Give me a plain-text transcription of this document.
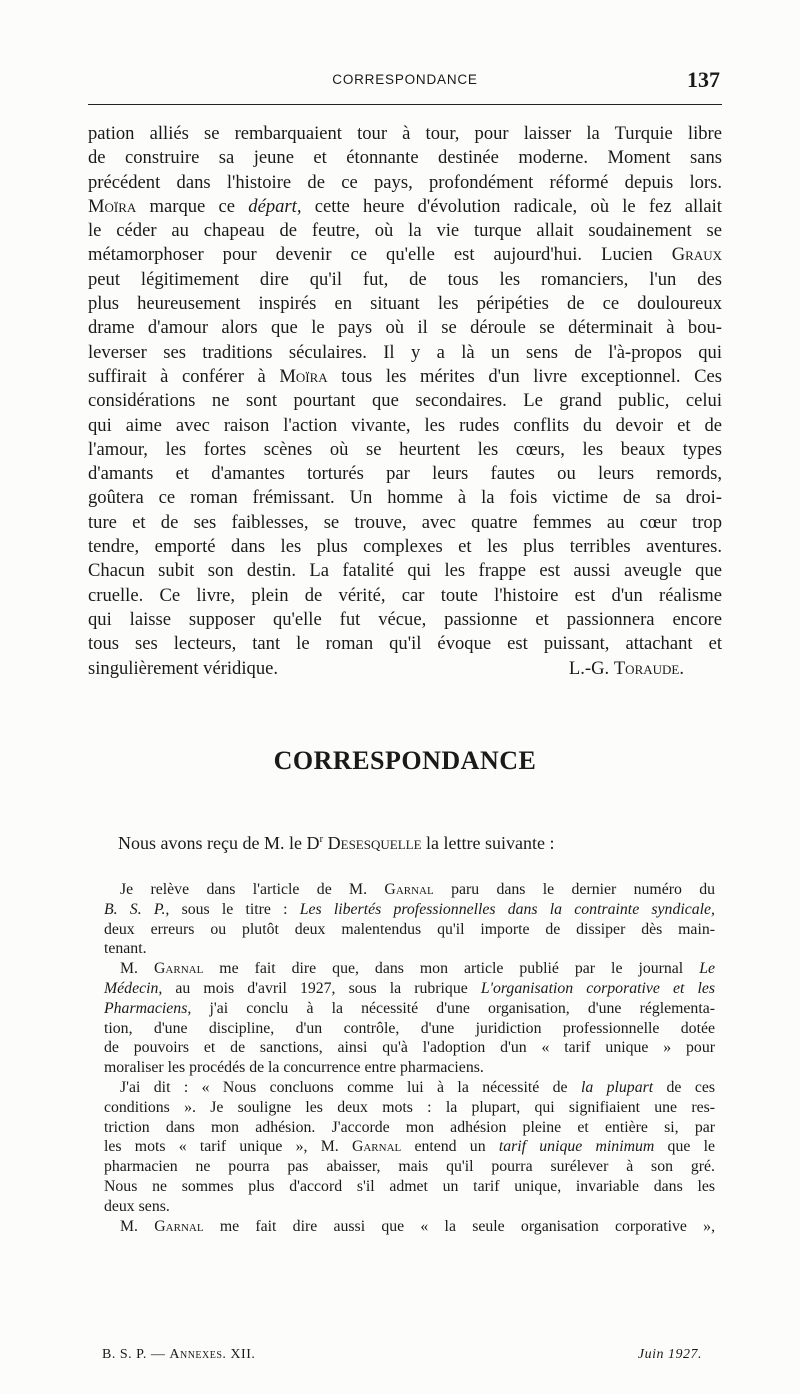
CORRESPONDANCE	137
pation alliés se rembarquaient tour à tour, pour laisser la Turquie libre
de construire sa jeune et étonnante destinée moderne. Moment sans
précédent dans l'histoire de ce pays, profondément réformé depuis lors.
Moïra marque ce départ, cette heure d'évolution radicale, où le fez allait
le céder au chapeau de feutre, où la vie turque allait soudainement se
métamorphoser pour devenir ce qu'elle est aujourd'hui. Lucien Graux
peut légitimement dire qu'il fut, de tous les romanciers, l'un des
plus heureusement inspirés en situant les péripéties de ce douloureux
drame d'amour alors que le pays où il se déroule se déterminait à bou-
leverser ses traditions séculaires. Il y a là un sens de l'à-propos qui
suffirait à conférer à Moïra tous les mérites d'un livre exceptionnel. Ces
considérations ne sont pourtant que secondaires. Le grand public, celui
qui aime avec raison l'action vivante, les rudes conflits du devoir et de
l'amour, les fortes scènes où se heurtent les cœurs, les beaux types
d'amants et d'amantes torturés par leurs fautes ou leurs remords,
goûtera ce roman frémissant. Un homme à la fois victime de sa droi-
ture et de ses faiblesses, se trouve, avec quatre femmes au cœur trop
tendre, emporté dans les plus complexes et les plus terribles aventures.
Chacun subit son destin. La fatalité qui les frappe est aussi aveugle que
cruelle. Ce livre, plein de vérité, car toute l'histoire est d'un réalisme
qui laisse supposer qu'elle fut vécue, passionne et passionnera encore
tous ses lecteurs, tant le roman qu'il évoque est puissant, attachant et
singulièrement véridique.	L.-G. Toraude.
CORRESPONDANCE
Nous avons reçu de M. le $D^r$ Desesquelle la lettre suivante :
Je relève dans l'article de M. Garnal paru dans le dernier numéro du
B. S. P., sous le titre : Les libertés professionnelles dans la contrainte syndicale,
deux erreurs ou plutôt deux malentendus qu'il importe de dissiper dès main-
tenant.
M. Garnal me fait dire que, dans mon article publié par le journal Le
Médecin, au mois d'avril 1927, sous la rubrique L'organisation corporative et les
Pharmaciens, j'ai conclu à la nécessité d'une organisation, d'une réglementa-
tion, d'une discipline, d'un contrôle, d'une juridiction professionnelle dotée
de pouvoirs et de sanctions, ainsi qu'à l'adoption d'un « tarif unique » pour
moraliser les procédés de la concurrence entre pharmaciens.
J'ai dit : « Nous concluons comme lui à la nécessité de la plupart de ces
conditions ». Je souligne les deux mots : la plupart, qui signifiaient une res-
triction dans mon adhésion. J'accorde mon adhésion pleine et entière si, par
les mots « tarif unique », M. Garnal entend un tarif unique minimum que le
pharmacien ne pourra pas abaisser, mais qu'il pourra surélever à son gré.
Nous ne sommes plus d'accord s'il admet un tarif unique, invariable dans les
deux sens.
M. Garnal me fait dire aussi que « la seule organisation corporative »,
B. S. P. — Annexes. XII.	Juin 1927.
